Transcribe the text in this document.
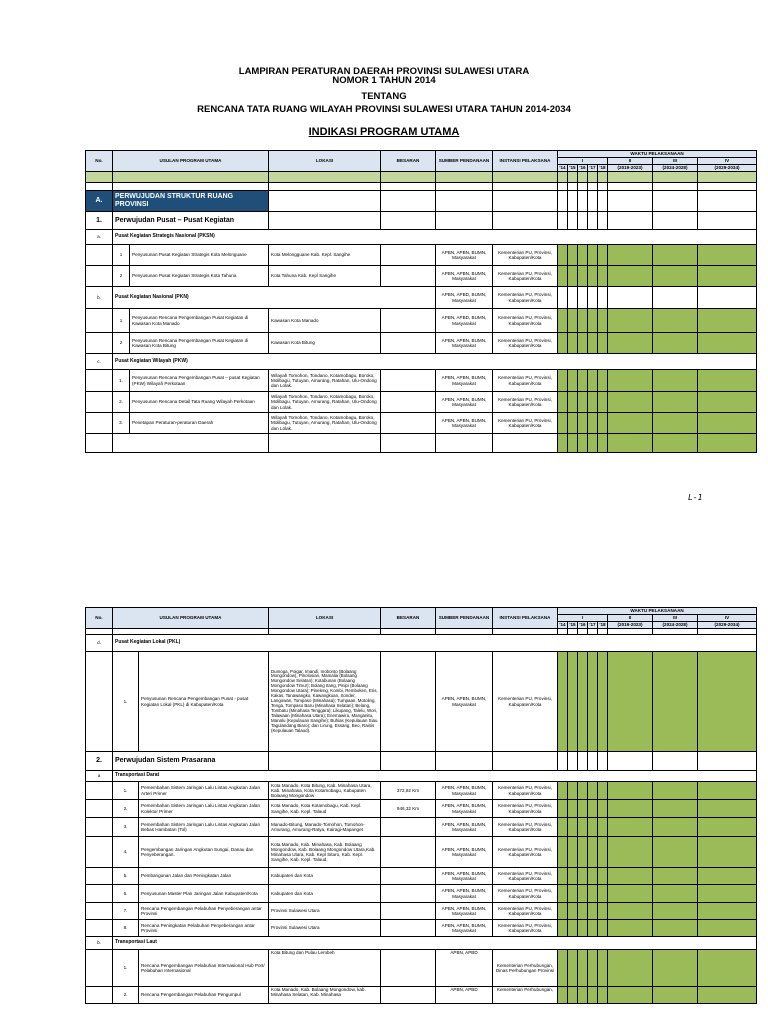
LAMPIRAN PERATURAN DAERAH PROVINSI SULAWESI UTARA
NOMOR 1 TAHUN 2014
TENTANG
RENCANA TATA RUANG WILAYAH PROVINSI SULAWESI UTARA TAHUN 2014-2034
INDIKASI PROGRAM UTAMA
No.	USULAN PROGRAM UTAMA		LOKASI	BESARAN	SUMBER PENDANAAN	INSTANSI PELAKSANA	WAKTU PELAKSANAAN							
							I					II	III	IV
							'14	'15	'16	'17	'18	(2019-2023)	(2024-2028)	(2029-2034)

A.	PERWUJUDAN STRUKTUR RUANG PROVINSI													
1.	Perwujudan Pusat – Pusat Kegiatan													
a.	Pusat Kegiatan Strategis Nasional (PKSN)													
	1	Penyusunan Pusat Kegiatan Strategis Kota Melonguane	Kota Melongguane Kab. Kepl. Sangihe		APBN, APBN, BUMN, Masyarakat	Kementerian PU, Provinsi, Kabupaten/Kota								
	2	Penyusunan Pusat Kegiatan Strategis Kota Tahuna	Kota Tahuna Kab. Kepl Sangihe		APBN, APBN, BUMN, Masyarakat	Kementerian PU, Provinsi, Kabupaten/Kota								
b.	Pusat Kegiatan Nasional (PKN)				APBN, APBD, BUMN, Masyarakat	Kementerian PU, Provinsi, Kabupaten/Kota								
	1	Penyusunan Rencana Pengembangan Pusat Kegiatan di Kawasan Kota Manado	Kawasan Kota Manado		APBN, APBD, BUMN, Masyarakat	Kementerian PU, Provinsi, Kabupaten/Kota								
	2	Penyusunan Rencana Pengembangan Pusat Kegiatan di Kawasan Kota Bitung	Kawasan Kota Bitung		APBN, APBN, BUMN, Masyarakat	Kementerian PU, Provinsi, Kabupaten/Kota								
c.	Pusat Kegiatan Wilayah (PKW)													
	1.	Penyusunan Rencana Pengembangan Pusat – pusat Kegiatan (PKW) Wilayah Perkotaan	Wilayah Tomohon, Tondano, Kotamobagu, Boroko, Molibagu, Tutuyan, Amurang, Ratahan, Ulu-Ondong dan Lolak.		APBN, APBN, BUMN, Masyarakat	Kementerian PU, Provinsi, Kabupaten/Kota								
	2.	Penyusunan Rencana Detail Tata Ruang Wilayah Perkotaan	Wilayah Tomohon, Tondano, Kotamobagu, Boroko, Molibagu, Tutuyan, Amurang, Ratahan, Ulu-Ondong dan Lolak.		APBN, APBN, BUMN, Masyarakat	Kementerian PU, Provinsi, Kabupaten/Kota								
	3.	Penetapan Peraturan-peraturan Daerah	Wilayah Tomohon, Tondano, Kotamobagu, Boroko, Molibagu, Tutuyan, Amurang, Ratahan, Ulu-Ondong dan Lolak.		APBN, APBN, BUMN, Masyarakat	Kementerian PU, Provinsi, Kabupaten/Kota								

L-1
No.	USULAN PROGRAM UTAMA		LOKASI	BESARAN	SUMBER PENDANAAN	INSTANSI PELAKSANA	WAKTU PELAKSANAAN							
							I					II	III	IV
							'14	'15	'16	'17	'18	(2019-2023)	(2024-2028)	(2029-2034)

d.	Pusat Kegiatan Lokal (PKL)													
	1.	Penyusunan Rencana Pengembangan Pusat - pusat Kegiatan Lokal (PKL) di Kabupaten/Kota	Dumoga, Poigar, Imandi, Inobonto (Bolaang Mongondow), Pinolosian, Mamalia (Bolaang Mongondow Selatan); Kotabunan (Bolaang Mongondow Timur); Bolang Itang, Pinipi (Bolaang Mongondow Utara); Pineleng, Kombi, Remboken, Eris, Kakas, Tanawangko, Kawangkoan, Sonder, Langowan, Tompaso (Minahasa); Tumpaan, Motoling, Tenga, Tompaso Baru (Minahasa Selatan); Belang, Tombatu (Minahasa Tenggara); Likupang, Talelu, Wori, Talawaan (Minahasa Utara); Enemawira, Manganitu, Manalu (Kepulauan Sangihe); Buhias (Kepulauan Siau Tagulandang Biaro); dan Lirung, Essang, Beo, Rainis (Kepulauan Talaud).		APBN, APBN, BUMN, Masyarakat	Kementerian PU, Provinsi, Kabupaten/Kota								
2.	Perwujudan Sistem Prasarana													
a	Transportasi Darat													
	1.	Pemembahan Sistem Jaringan Lalu Lintas Angkutan Jalan Arteri Primer	Kota Manado, Kota Bitung, Kab. Minahasa Utara, Kab. Minahasa, Kota Kotamobagu, Kabupaten Bolaang Mongondow	372,92 Km	APBN, APBN, BUMN, Masyarakat	Kementerian PU, Provinsi, Kabupaten/Kota								
	2.	Pemembahan Sistem Jaringan Lalu Lintas Angkutan Jalan Kolektor Primer	Kota Manado, Kota Kotamobagu, Kab. Kepl. Sangihe, Kab. Kepl. Talaud	946,32 Km	APBN, APBN, BUMN, Masyarakat	Kementerian PU, Provinsi, Kabupaten/Kota								
	3.	Pemembahan Sistem Jaringan Lalu Lintas Angkutan Jalan Bebas Hambatan (Tol)	Manado-Bitung, Manado-Tomohon, Tomohon-Amurang, Amurang-Ratya, Kairagi-Mapanget		APBN, APBN, BUMN, Masyarakat	Kementerian PU, Provinsi, Kabupaten/Kota								
	4.	Pengembangan Jaringan Angkutan Sungai, Danau dan Penyeberangan.	Kota Manado, Kab. Minahasa, Kab. Bolaang Mongondow, Kab. Bolaang Mongondow Utara,Kab. Minahasa Utara, Kab. Kepl Sitaro, Kab. Kepl. Sangihe, Kab. Kepl. Talaud.		APBN, APBN, BUMN, Masyarakat	Kementerian PU, Provinsi, Kabupaten/Kota								
	5.	Pembangunan Jalan dan Peningkatan Jalan	Kabupaten dan Kota		APBN, APBN, BUMN, Masyarakat	Kementerian PU, Provinsi, Kabupaten/Kota								
	6.	Penyusunan Master Plan Jaringan Jalan Kabupaten/Kota	Kabupaten dan Kota		APBN, APBN, BUMN, Masyarakat	Kementerian PU, Provinsi, Kabupaten/Kota								
	7.	Rencana Pengembangan Pelabuhan Penyeberangan antar Provinsi	Provinsi Sulawesi Utara		APBN, APBN, BUMN, Masyarakat	Kementerian PU, Provinsi, Kabupaten/Kota								
	8.	Rencana Peningkatan Pelabuhan Penyeberangan antar Provinsi	Provinsi Sulawesi Utara		APBN, APBN, BUMN, Masyarakat	Kementerian PU, Provinsi, Kabupaten/Kota								
b.	Transportasi Laut													
	1.	Rencana Pengembangan Pelabuhan Internasional Hub Port/ Pelabuhan Internasional	Kota Bitung dan Pulau Lembeh		APBN, APBD	Kementerian Perhubungan, Dinas Perhubungan Provinsi								
	2.	Rencana Pengembangan Pelabuhan Pengumpul	Kota Manado, Kab. Bolaang Mongondow, kab. Minahasa Selatan, Kab. Minahasa		APBN, APBD	Kementerian Perhubungan,								
